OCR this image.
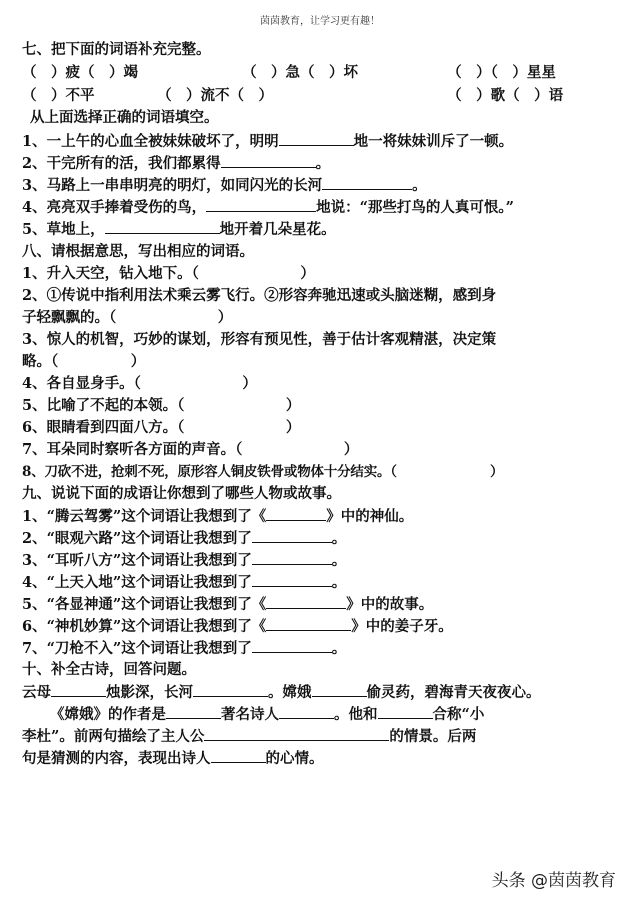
茵茵教育，让学习更有趣！
七、把下面的词语补充完整。
（　）疲（　）竭	（　）急（　）坏	（　）（　）星星
（　）不平	（　）流不（　）	（　）歌（　）语
从上面选择正确的词语填空。
1、一上午的心血全被妹妹破坏了，明明	地一将妹妹训斥了一顿。
2、干完所有的活，我们都累得	。
3、马路上一串串明亮的明灯，如同闪光的长河	。
4、亮亮双手捧着受伤的鸟，	地说：“那些打鸟的人真可恨。”
5、草地上，	地开着几朵星花。
八、请根据意思，写出相应的词语。
1、升入天空，钻入地下。（　　　　　　　）
2、①传说中指利用法术乘云雾飞行。②形容奔驰迅速或头脑迷糊，感到身
子轻飘飘的。（　　　　　　　）
3、惊人的机智，巧妙的谋划，形容有预见性，善于估计客观精湛，决定策
略。（　　　　　）
4、各自显身手。（　　　　　　　）
5、比喻了不起的本领。（　　　　　　　）
6、眼睛看到四面八方。（　　　　　　　）
7、耳朵同时察听各方面的声音。（　　　　　　　）
8、刀砍不进，抢刺不死，原形容人铜皮铁骨或物体十分结实。（　　　　　　　）
九、说说下面的成语让你想到了哪些人物或故事。
1、“腾云驾雾”这个词语让我想到了《	》中的神仙。
2、“眼观六路”这个词语让我想到了	。
3、“耳听八方”这个词语让我想到了	。
4、“上天入地”这个词语让我想到了	。
5、“各显神通”这个词语让我想到了《	》中的故事。
6、“神机妙算”这个词语让我想到了《	》中的姜子牙。
7、“刀枪不入”这个词语让我想到了	。
十、补全古诗，回答问题。
云母	烛影深，长河	。嫦娥	偷灵药，碧海青天夜夜心。
《嫦娥》的作者是	著名诗人	。他和	合称“小
李杜”。前两句描绘了主人公	的情景。后两
句是猜测的内容，表现出诗人	的心情。
头条 @茵茵教育
